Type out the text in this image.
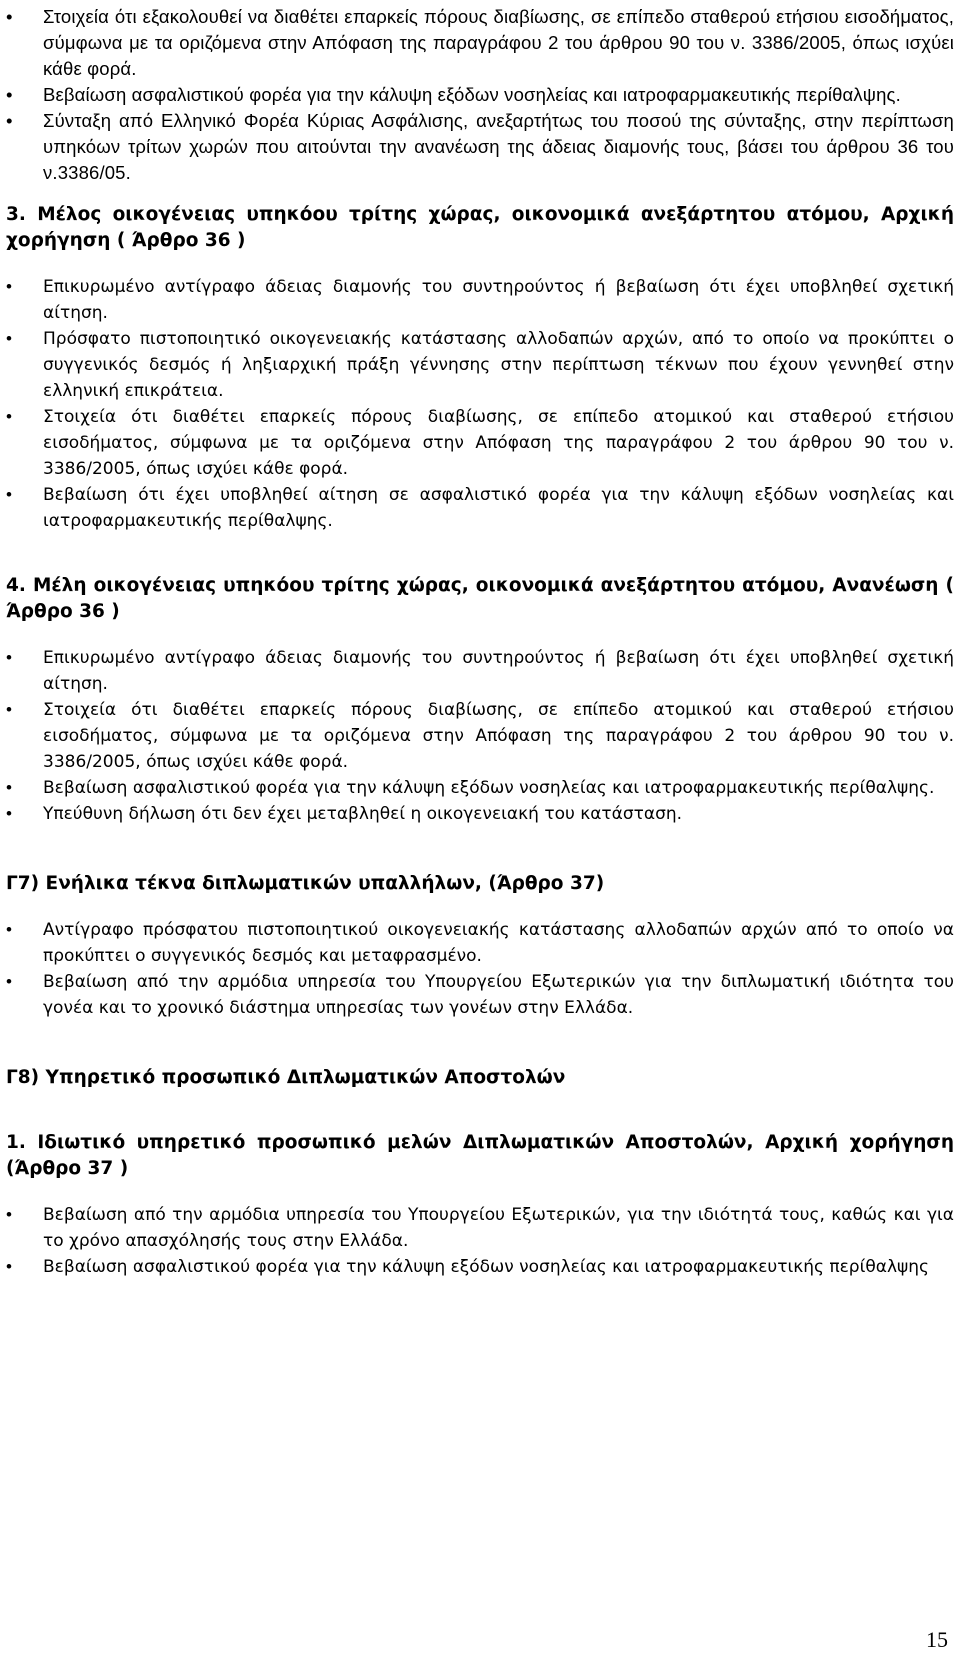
• Στοιχεία ότι εξακολουθεί να διαθέτει επαρκείς πόρους διαβίωσης, σε επίπεδο σταθερού ετήσιου εισοδήματος, σύμφωνα με τα οριζόμενα στην Απόφαση της παραγράφου 2 του άρθρου 90 του ν. 3386/2005, όπως ισχύει κάθε φορά.
• Βεβαίωση ασφαλιστικού φορέα για την κάλυψη εξόδων νοσηλείας και ιατροφαρμακευτικής περίθαλψης.
• Σύνταξη από Ελληνικό Φορέα Κύριας Ασφάλισης, ανεξαρτήτως του ποσού της σύνταξης, στην περίπτωση υπηκόων τρίτων χωρών που αιτούνται την ανανέωση της άδειας διαμονής τους, βάσει του άρθρου 36 του ν.3386/05.
3. Μέλος οικογένειας υπηκόου τρίτης χώρας, οικονομικά ανεξάρτητου ατόμου, Αρχική χορήγηση ( Άρθρο 36 )
• Επικυρωμένο αντίγραφο άδειας διαμονής του συντηρούντος ή βεβαίωση ότι έχει υποβληθεί σχετική αίτηση.
• Πρόσφατο πιστοποιητικό οικογενειακής κατάστασης αλλοδαπών αρχών, από το οποίο να προκύπτει ο συγγενικός δεσμός ή ληξιαρχική πράξη γέννησης στην περίπτωση τέκνων που έχουν γεννηθεί στην ελληνική επικράτεια.
• Στοιχεία ότι διαθέτει επαρκείς πόρους διαβίωσης, σε επίπεδο ατομικού και σταθερού ετήσιου εισοδήματος, σύμφωνα με τα οριζόμενα στην Απόφαση της παραγράφου 2 του άρθρου 90 του ν. 3386/2005, όπως ισχύει κάθε φορά.
• Βεβαίωση ότι έχει υποβληθεί αίτηση σε ασφαλιστικό φορέα για την κάλυψη εξόδων νοσηλείας και ιατροφαρμακευτικής περίθαλψης.
4. Μέλη οικογένειας υπηκόου τρίτης χώρας, οικονομικά ανεξάρτητου ατόμου, Ανανέωση ( Άρθρο 36 )
• Επικυρωμένο αντίγραφο άδειας διαμονής του συντηρούντος ή βεβαίωση ότι έχει υποβληθεί σχετική αίτηση.
• Στοιχεία ότι διαθέτει επαρκείς πόρους διαβίωσης, σε επίπεδο ατομικού και σταθερού ετήσιου εισοδήματος, σύμφωνα με τα οριζόμενα στην Απόφαση της παραγράφου 2 του άρθρου 90 του ν. 3386/2005, όπως ισχύει κάθε φορά.
• Βεβαίωση ασφαλιστικού φορέα για την κάλυψη εξόδων νοσηλείας και ιατροφαρμακευτικής περίθαλψης.
• Υπεύθυνη δήλωση ότι δεν έχει μεταβληθεί η οικογενειακή του κατάσταση.
Γ7) Ενήλικα τέκνα διπλωματικών υπαλλήλων, (Άρθρο 37)
• Αντίγραφο πρόσφατου πιστοποιητικού οικογενειακής κατάστασης αλλοδαπών αρχών από το οποίο να προκύπτει ο συγγενικός δεσμός και μεταφρασμένο.
• Βεβαίωση από την αρμόδια υπηρεσία του Υπουργείου Εξωτερικών για την διπλωματική ιδιότητα του γονέα και το χρονικό διάστημα υπηρεσίας των γονέων στην Ελλάδα.
Γ8) Υπηρετικό προσωπικό Διπλωματικών Αποστολών
1. Ιδιωτικό υπηρετικό προσωπικό μελών Διπλωματικών Αποστολών, Αρχική χορήγηση (Άρθρο 37 )
• Βεβαίωση από την αρμόδια υπηρεσία του Υπουργείου Εξωτερικών, για την ιδιότητά τους, καθώς και για το χρόνο απασχόλησής τους στην Ελλάδα.
• Βεβαίωση ασφαλιστικού φορέα για την κάλυψη εξόδων νοσηλείας και ιατροφαρμακευτικής περίθαλψης
15
